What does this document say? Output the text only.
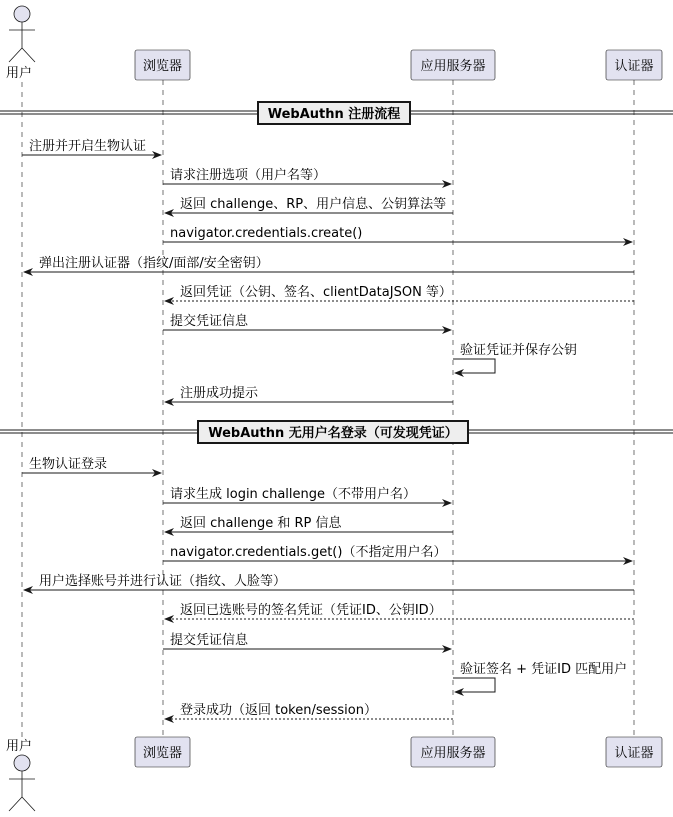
用户	浏览器	应用服务器	认证器
WebAuthn 注册流程
注册并开启生物认证
请求注册选项（用户名等）
返回 challenge、RP、用户信息、公钥算法等
navigator.credentials.create()
弹出注册认证器（指纹/面部/安全密钥）
返回凭证（公钥、签名、clientDataJSON 等）
提交凭证信息
验证凭证并保存公钥
注册成功提示
WebAuthn 无用户名登录（可发现凭证）
生物认证登录
请求生成 login challenge（不带用户名）
返回 challenge 和 RP 信息
navigator.credentials.get()（不指定用户名）
用户选择账号并进行认证（指纹、人脸等）
返回已选账号的签名凭证（凭证ID、公钥ID）
提交凭证信息
验证签名 + 凭证ID 匹配用户
登录成功（返回 token/session）
用户	浏览器	应用服务器	认证器
